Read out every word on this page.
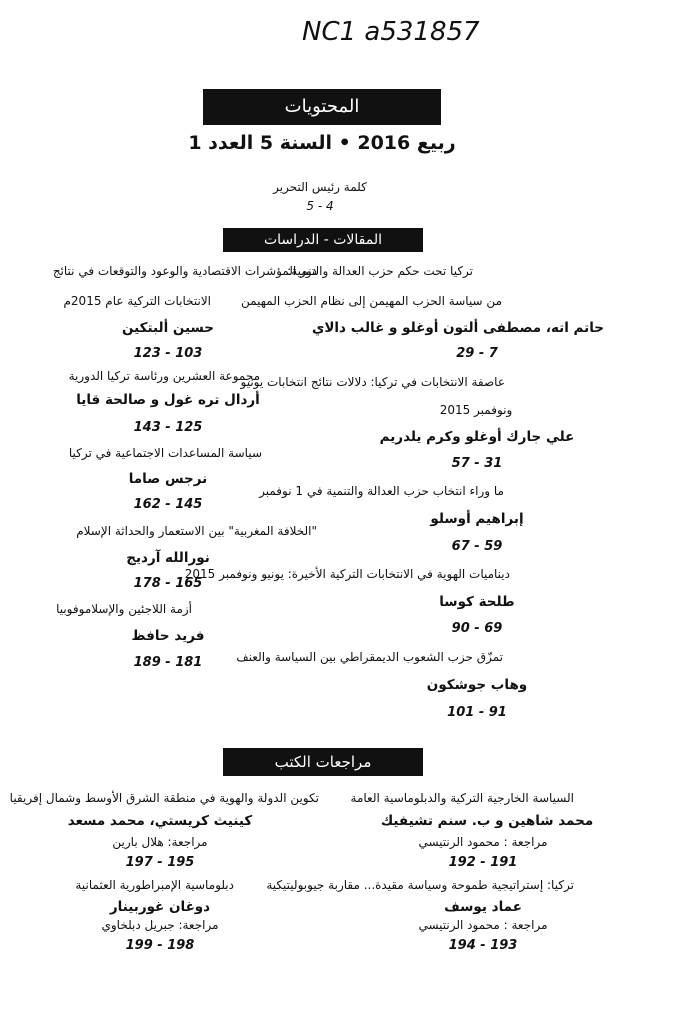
NC1 a531857
المحتويات
ربيع 2016 • السنة 5 العدد 1
كلمة رئيس التحرير
5 - 4
المقالات - الدراسات
تركيا تحت حكم حزب العدالة والتنمية:
من سياسة الحزب المهيمن إلى نظام الحزب المهيمن
حاتم اته، مصطفى ألتون أوغلو و غالب دالاي
29 - 7
عاصفة الانتخابات في تركيا: دلالات نتائج انتخابات يونيو
ونوفمبر 2015
علي جارك أوغلو وكرم يلدريم
57 - 31
ما وراء انتخاب حزب العدالة والتنمية في 1 نوفمبر
إبراهيم أوسلو
67 - 59
ديناميات الهوية في الانتخابات التركية الأخيرة: يونيو ونوفمبر 2015
طلحة كوسا
90 - 69
تمزّق حزب الشعوب الديمقراطي بين السياسة والعنف
وهاب جوشكون
101 - 91
دور المؤشرات الاقتصادية والوعود والتوقعات في نتائج
الانتخابات التركية عام 2015م
حسين ألبتكين
123 - 103
مجموعة العشرين ورئاسة تركيا الدورية
أردال تره غول و صالحة قايا
143 - 125
سياسة المساعدات الاجتماعية في تركيا
نرجس صاما
162 - 145
"الخلافة المغربية" بين الاستعمار والحداثة الإسلام
نورالله آرديج
178 - 165
أزمة اللاجئين والإسلاموفوبيا
فريد حافظ
189 - 181
مراجعات الكتب
السياسة الخارجية التركية والدبلوماسية العامة
محمد شاهين و ب. سنم تشيفيك
مراجعة : محمود الرنتيسي
192 - 191
تركيا: إستراتيجية طموحة وسياسة مقيدة... مقاربة جيوبوليتيكية
عماد يوسف
مراجعة : محمود الرنتيسي
194 - 193
تكوين الدولة والهوية في منطقة الشرق الأوسط وشمال إفريقيا
كينيث كريستي، محمد مسعد
مراجعة: هلال بارين
197 - 195
دبلوماسية الإمبراطورية العثمانية
دوغان غوربينار
مراجعة: جبريل دبلخاوي
199 - 198
